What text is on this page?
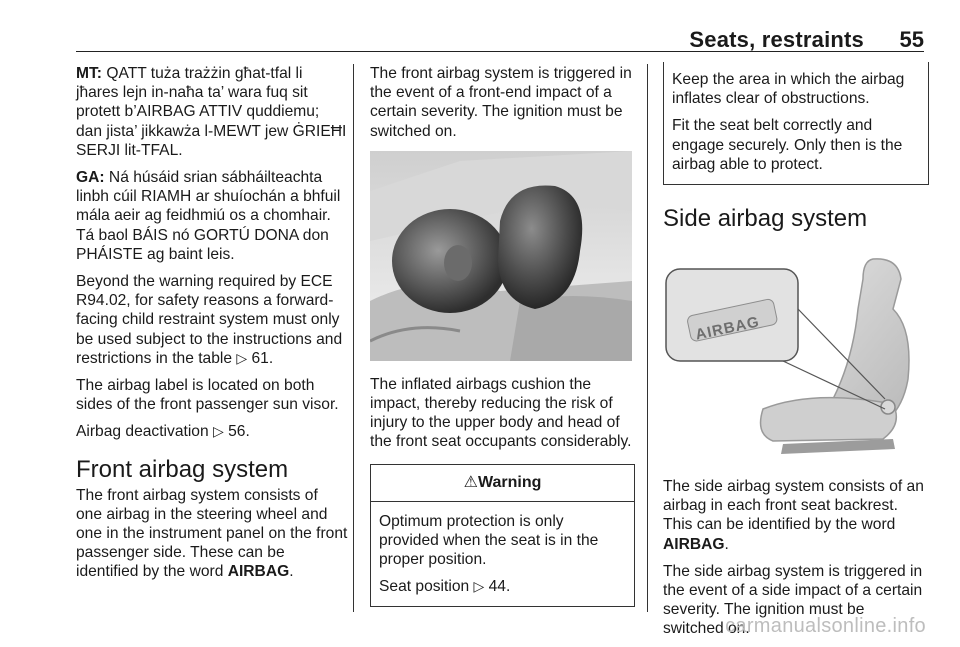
Seats, restraints 55

MT: QATT tuża trażżin għat-tfal li jħares lejn in-naħa ta’ wara fuq sit protett b’AIRBAG ATTIV quddiemu; dan jista’ jikkawża l-MEWT jew ĠRIEĦI SERJI lit-TFAL.

GA: Ná húsáid srian sábháilteachta linbh cúil RIAMH ar shuíochán a bhfuil mála aeir ag feidhmiú os a chomhair. Tá baol BÁIS nó GORTÚ DONA don PHÁISTE ag baint leis.

Beyond the warning required by ECE R94.02, for safety reasons a forward-facing child restraint system must only be used subject to the instructions and restrictions in the table ▷ 61.

The airbag label is located on both sides of the front passenger sun visor.

Airbag deactivation ▷ 56.

Front airbag system

The front airbag system consists of one airbag in the steering wheel and one in the instrument panel on the front passenger side. These can be identified by the word AIRBAG.

The front airbag system is triggered in the event of a front-end impact of a certain severity. The ignition must be switched on.

The inflated airbags cushion the impact, thereby reducing the risk of injury to the upper body and head of the front seat occupants considerably.

⚠Warning

Optimum protection is only provided when the seat is in the proper position.

Seat position ▷ 44.

Keep the area in which the airbag inflates clear of obstructions.

Fit the seat belt correctly and engage securely. Only then is the airbag able to protect.

Side airbag system
AIRBAG

The side airbag system consists of an airbag in each front seat backrest. This can be identified by the word AIRBAG.

The side airbag system is triggered in the event of a side impact of a certain severity. The ignition must be switched on.

carmanualsonline.info
